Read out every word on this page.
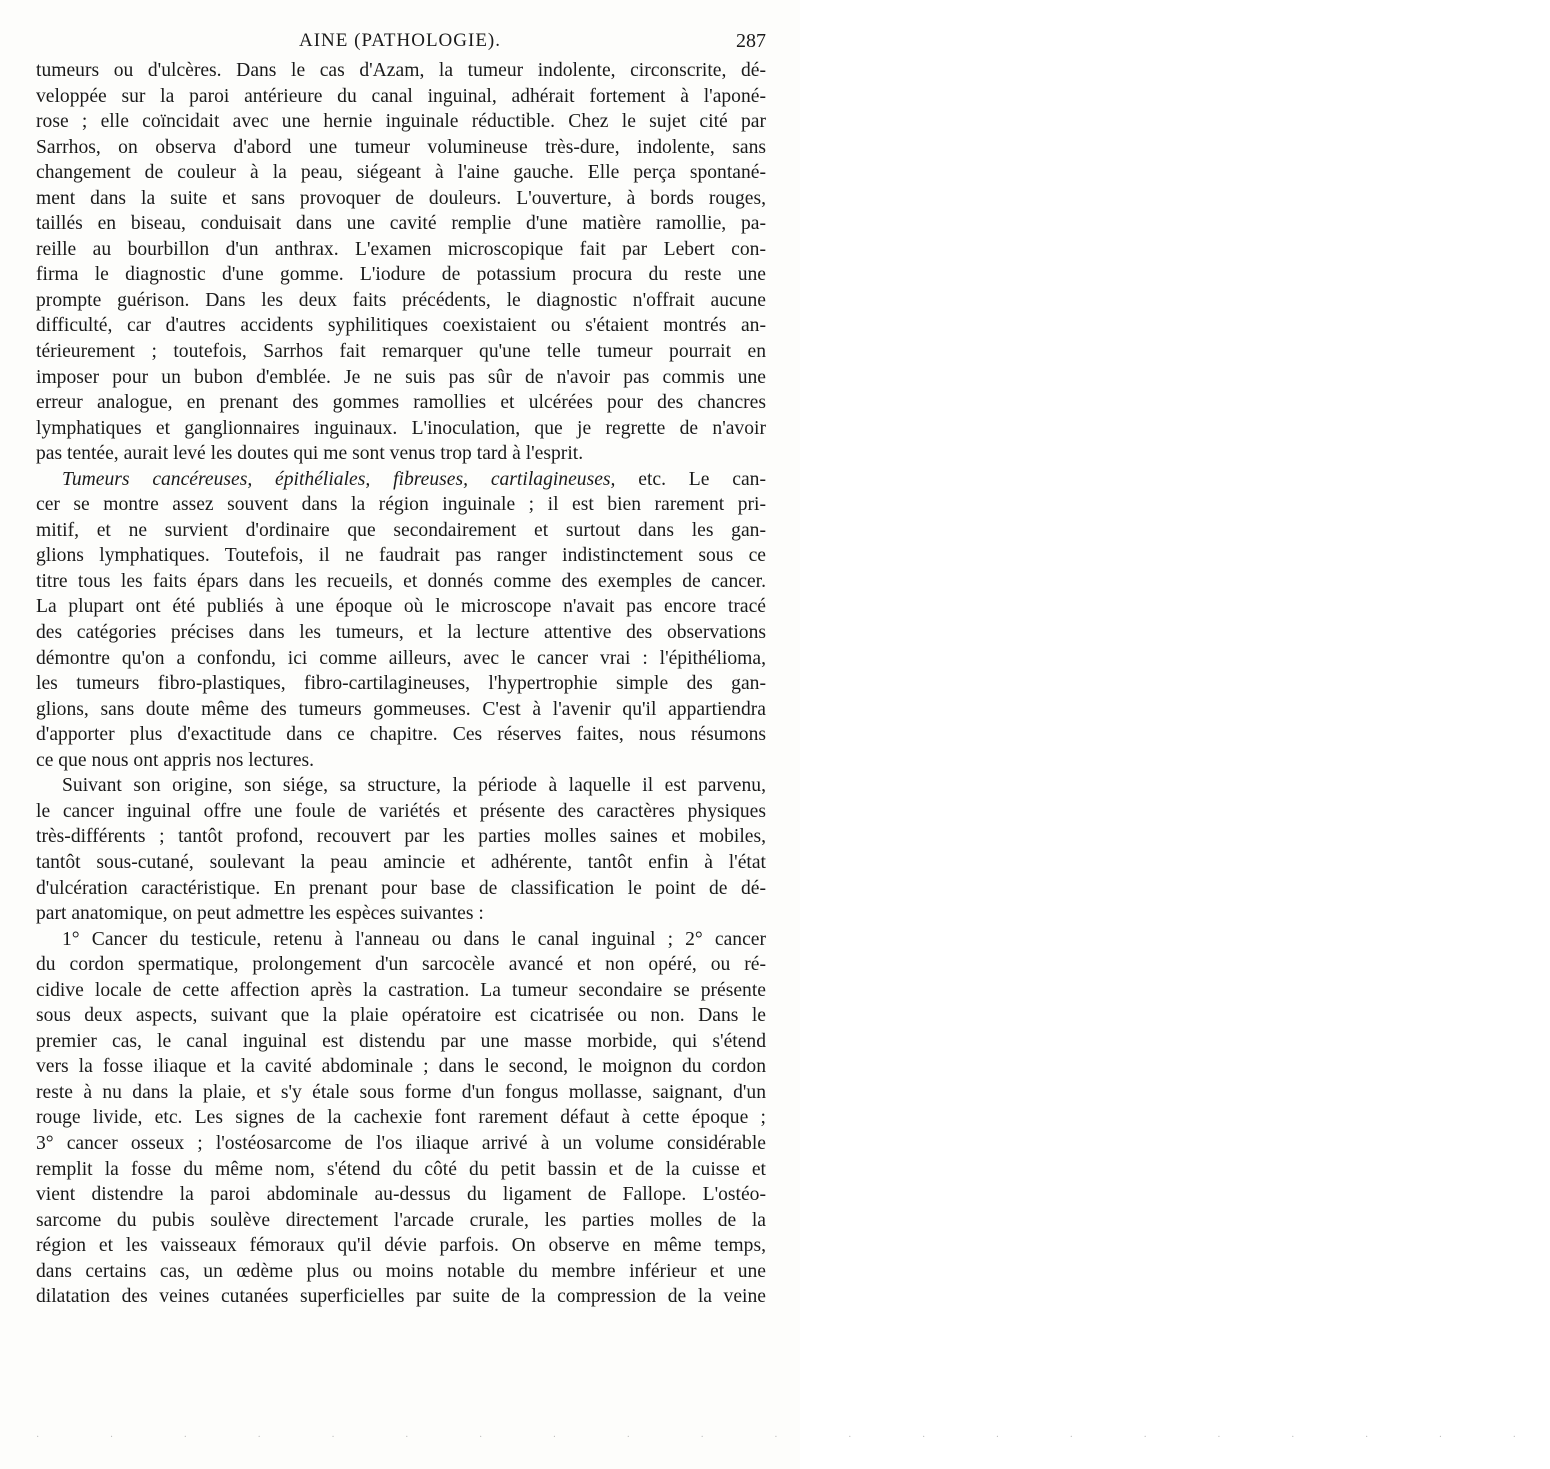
AINE (PATHOLOGIE).	287
tumeurs ou d'ulcères. Dans le cas d'Azam, la tumeur indolente, circonscrite, dé-
veloppée sur la paroi antérieure du canal inguinal, adhérait fortement à l'aponé-
rose ; elle coïncidait avec une hernie inguinale réductible. Chez le sujet cité par
Sarrhos, on observa d'abord une tumeur volumineuse très-dure, indolente, sans
changement de couleur à la peau, siégeant à l'aine gauche. Elle perça spontané-
ment dans la suite et sans provoquer de douleurs. L'ouverture, à bords rouges,
taillés en biseau, conduisait dans une cavité remplie d'une matière ramollie, pa-
reille au bourbillon d'un anthrax. L'examen microscopique fait par Lebert con-
firma le diagnostic d'une gomme. L'iodure de potassium procura du reste une
prompte guérison. Dans les deux faits précédents, le diagnostic n'offrait aucune
difficulté, car d'autres accidents syphilitiques coexistaient ou s'étaient montrés an-
térieurement ; toutefois, Sarrhos fait remarquer qu'une telle tumeur pourrait en
imposer pour un bubon d'emblée. Je ne suis pas sûr de n'avoir pas commis une
erreur analogue, en prenant des gommes ramollies et ulcérées pour des chancres
lymphatiques et ganglionnaires inguinaux. L'inoculation, que je regrette de n'avoir
pas tentée, aurait levé les doutes qui me sont venus trop tard à l'esprit.
Tumeurs cancéreuses, épithéliales, fibreuses, cartilagineuses, etc. Le can-
cer se montre assez souvent dans la région inguinale ; il est bien rarement pri-
mitif, et ne survient d'ordinaire que secondairement et surtout dans les gan-
glions lymphatiques. Toutefois, il ne faudrait pas ranger indistinctement sous ce
titre tous les faits épars dans les recueils, et donnés comme des exemples de cancer.
La plupart ont été publiés à une époque où le microscope n'avait pas encore tracé
des catégories précises dans les tumeurs, et la lecture attentive des observations
démontre qu'on a confondu, ici comme ailleurs, avec le cancer vrai : l'épithélioma,
les tumeurs fibro-plastiques, fibro-cartilagineuses, l'hypertrophie simple des gan-
glions, sans doute même des tumeurs gommeuses. C'est à l'avenir qu'il appartiendra
d'apporter plus d'exactitude dans ce chapitre. Ces réserves faites, nous résumons
ce que nous ont appris nos lectures.
Suivant son origine, son siége, sa structure, la période à laquelle il est parvenu,
le cancer inguinal offre une foule de variétés et présente des caractères physiques
très-différents ; tantôt profond, recouvert par les parties molles saines et mobiles,
tantôt sous-cutané, soulevant la peau amincie et adhérente, tantôt enfin à l'état
d'ulcération caractéristique. En prenant pour base de classification le point de dé-
part anatomique, on peut admettre les espèces suivantes :
1° Cancer du testicule, retenu à l'anneau ou dans le canal inguinal ; 2° cancer
du cordon spermatique, prolongement d'un sarcocèle avancé et non opéré, ou ré-
cidive locale de cette affection après la castration. La tumeur secondaire se présente
sous deux aspects, suivant que la plaie opératoire est cicatrisée ou non. Dans le
premier cas, le canal inguinal est distendu par une masse morbide, qui s'étend
vers la fosse iliaque et la cavité abdominale ; dans le second, le moignon du cordon
reste à nu dans la plaie, et s'y étale sous forme d'un fongus mollasse, saignant, d'un
rouge livide, etc. Les signes de la cachexie font rarement défaut à cette époque ;
3° cancer osseux ; l'ostéosarcome de l'os iliaque arrivé à un volume considérable
remplit la fosse du même nom, s'étend du côté du petit bassin et de la cuisse et
vient distendre la paroi abdominale au-dessus du ligament de Fallope. L'ostéo-
sarcome du pubis soulève directement l'arcade crurale, les parties molles de la
région et les vaisseaux fémoraux qu'il dévie parfois. On observe en même temps,
dans certains cas, un œdème plus ou moins notable du membre inférieur et une
dilatation des veines cutanées superficielles par suite de la compression de la veine
· · · · · · · · · · · · · · · · · · · · ·
